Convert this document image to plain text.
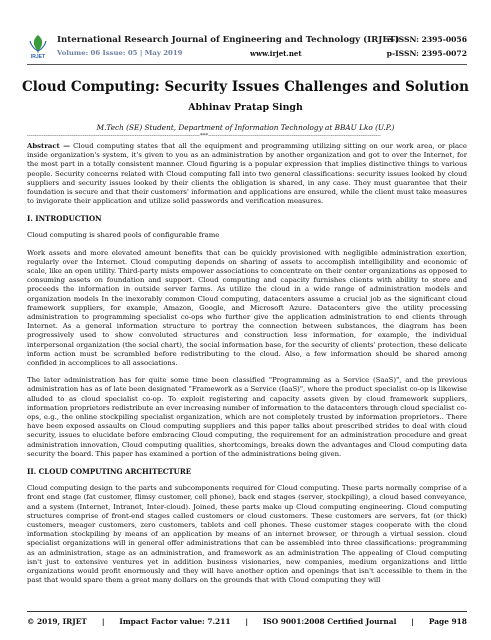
IRJET
International Research Journal of Engineering and Technology (IRJET)
e-ISSN: 2395-0056
Volume: 06 Issue: 05 | May 2019	www.irjet.net	p-ISSN: 2395-0072
Cloud Computing: Security Issues Challenges and Solution
Abhinav Pratap Singh
M.Tech (SE) Student, Department of Information Technology at BBAU Lko (U.P.)
---------------------------------------------------------------------------------------------***---------------------------------------------------------------------------------------------

Abstract — Cloud computing states that all the equipment and programming utilizing sitting on our work area, or place inside organization's system, it's given to you as an administration by another organization and got to over the Internet, for the most part in a totally consistent manner. Cloud figuring is a popular expression that implies distinctive things to various people. Security concerns related with Cloud computing fall into two general classifications: security issues looked by cloud suppliers and security issues looked by their clients the obligation is shared, in any case. They must guarantee that their foundation is secure and that their customers' information and applications are ensured, while the client must take measures to invigorate their application and utilize solid passwords and verification measures.

I. INTRODUCTION

Cloud computing is shared pools of configurable frame

Work assets and more elevated amount benefits that can be quickly provisioned with negligible administration exertion, regularly over the Internet. Cloud computing depends on sharing of assets to accomplish intelligibility and economic of scale, like an open utility. Third-party mists empower associations to concentrate on their center organizations as opposed to consuming assets on foundation and support. Cloud computing and capacity furnishes clients with ability to store and proceeds the information in outside server farms. As utilize the cloud in a wide range of administration models and organization models In the inexorably common Cloud computing, datacenters assume a crucial job as the significant cloud framework suppliers, for example, Amazon, Google, and Microsoft Azure. Datacenters give the utility processing administration to programming specialist co-ops who further give the application administration to end clients through Internet. As a general information structure to portray the connection between substances, the diagram has been progressively used to show convoluted structures and construction less information, for example, the individual interpersonal organization (the social chart), the social information base, for the security of clients' protection, these delicate inform action must be scrambled before redistributing to the cloud. Also, a few information should be shared among confided in accomplices to all associations.

The later administration has for quite some time been classified "Programming as a Service (SaaS)", and the previous administration has as of late been designated "Framework as a Service (IaaS)", where the product specialist co-op is likewise alluded to as cloud specialist co-op. To exploit registering and capacity assets given by cloud framework suppliers, information proprietors redistribute an ever increasing number of information to the datacenters through cloud specialist co-ops, e.g., the online stockpiling specialist organization, which are not completely trusted by information proprietors.. There have been exposed assaults on Cloud computing suppliers and this paper talks about prescribed strides to deal with cloud security, issues to elucidate before embracing Cloud computing, the requirement for an administration procedure and great administration innovation, Cloud computing qualities, shortcomings, breaks down the advantages and Cloud computing data security the board. This paper has examined a portion of the administrations being given.

II. CLOUD COMPUTING ARCHITECTURE

Cloud computing design to the parts and subcomponents required for Cloud computing. These parts normally comprise of a front end stage (fat customer, flimsy customer, cell phone), back end stages (server, stockpiling), a cloud based conveyance, and a system (Internet, Intranet, Inter-cloud). Joined, these parts make up Cloud computing engineering. Cloud computing structures comprise of front-end stages called customers or cloud customers. These customers are servers, fat (or thick) customers, meager customers, zero customers, tablets and cell phones. These customer stages cooperate with the cloud information stockpiling by means of an application by means of an internet browser, or through a virtual session. cloud specialist organizations will in general offer administrations that can be assembled into three classifications: programming as an administration, stage as an administration, and framework as an administration The appealing of Cloud computing isn't just to extensive ventures yet in addition business visionaries, new companies, medium organizations and little organizations would profit enormously and they will have another option and openings that isn't accessible to them in the past that would spare them a great many dollars on the grounds that with Cloud computing they will

© 2019, IRJET | Impact Factor value: 7.211 | ISO 9001:2008 Certified Journal | Page 918
